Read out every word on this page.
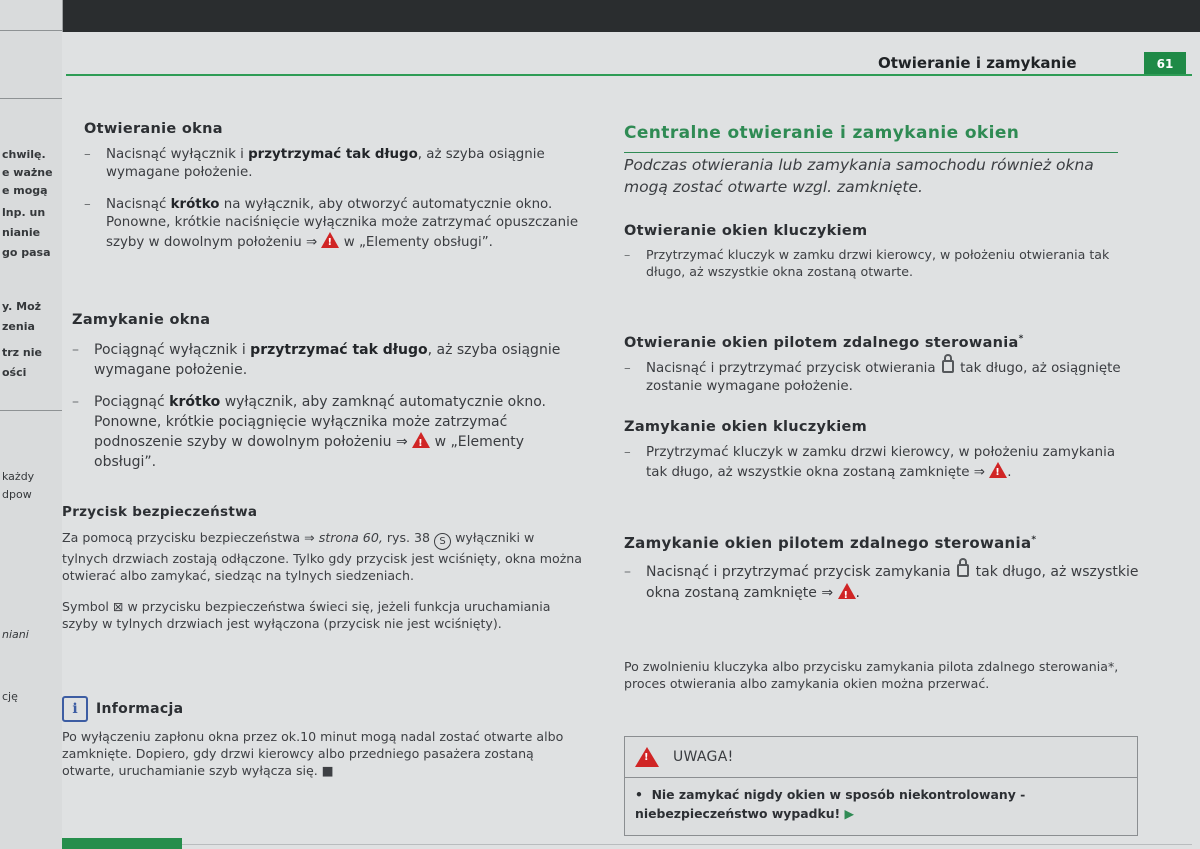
chwilę.
e ważne
e mogą
lnp. un
nianie
go pasa
y. Moż
zenia
trz nie
ości
każdy
dpow
niani
cję
Otwieranie i zamykanie	61
Otwieranie okna
–	Nacisnąć wyłącznik i przytrzymać tak długo, aż szyba osiągnie wymagane położenie.
–	Nacisnąć krótko na wyłącznik, aby otworzyć automatycznie okno. Ponowne, krótkie naciśnięcie wyłącznika może zatrzymać opuszczanie szyby w dowolnym położeniu ⇒ ! w „Elementy obsługi”.
Zamykanie okna
–	Pociągnąć wyłącznik i przytrzymać tak długo, aż szyba osiągnie wymagane położenie.
–	Pociągnąć krótko wyłącznik, aby zamknąć automatycznie okno. Ponowne, krótkie pociągnięcie wyłącznika może zatrzymać podnoszenie szyby w dowolnym położeniu ⇒ ! w „Elementy obsługi”.
Przycisk bezpieczeństwa

Za pomocą przycisku bezpieczeństwa ⇒ strona 60, rys. 38 S wyłączniki w tylnych drzwiach zostają odłączone. Tylko gdy przycisk jest wciśnięty, okna można otwierać albo zamykać, siedząc na tylnych siedzeniach.

Symbol ⊠ w przycisku bezpieczeństwa świeci się, jeżeli funkcja uruchamiania szyby w tylnych drzwiach jest wyłączona (przycisk nie jest wciśnięty).

i	Informacja

Po wyłączeniu zapłonu okna przez ok.10 minut mogą nadal zostać otwarte albo zamknięte. Dopiero, gdy drzwi kierowcy albo przedniego pasażera zostaną otwarte, uruchamianie szyb wyłącza się. ■

Centralne otwieranie i zamykanie okien

Podczas otwierania lub zamykania samochodu również okna mogą zostać otwarte wzgl. zamknięte.

Otwieranie okien kluczykiem
–	Przytrzymać kluczyk w zamku drzwi kierowcy, w położeniu otwierania tak długo, aż wszystkie okna zostaną otwarte.
Otwieranie okien pilotem zdalnego sterowania*
–	Nacisnąć i przytrzymać przycisk otwierania  tak długo, aż osiągnięte zostanie wymagane położenie.
Zamykanie okien kluczykiem
–	Przytrzymać kluczyk w zamku drzwi kierowcy, w położeniu zamykania tak długo, aż wszystkie okna zostaną zamknięte ⇒ !.
Zamykanie okien pilotem zdalnego sterowania*
–	Nacisnąć i przytrzymać przycisk zamykania  tak długo, aż wszystkie okna zostaną zamknięte ⇒ !.

Po zwolnieniu kluczyka albo przycisku zamykania pilota zdalnego sterowania*, proces otwierania albo zamykania okien można przerwać.

!
UWAGA!
•  Nie zamykać nigdy okien w sposób niekontrolowany - niebezpieczeństwo wypadku! ▶
